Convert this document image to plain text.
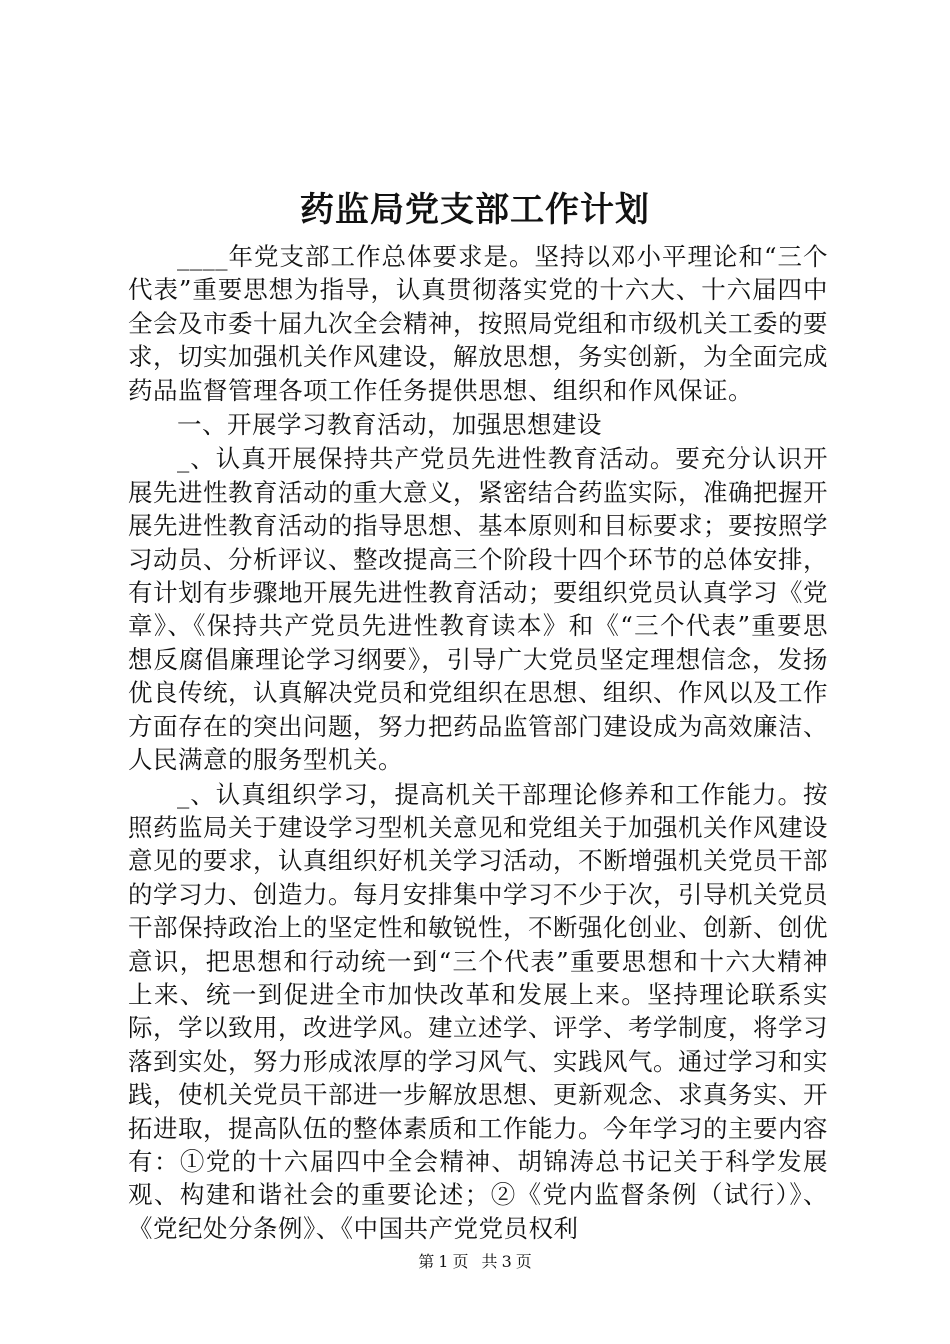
药监局党支部工作计划

____年党支部工作总体要求是。坚持以邓小平理论和“三个代表”重要思想为指导，认真贯彻落实党的十六大、十六届四中全会及市委十届九次全会精神，按照局党组和市级机关工委的要求，切实加强机关作风建设，解放思想，务实创新，为全面完成药品监督管理各项工作任务提供思想、组织和作风保证。

一、开展学习教育活动，加强思想建设

_、认真开展保持共产党员先进性教育活动。要充分认识开展先进性教育活动的重大意义，紧密结合药监实际，准确把握开展先进性教育活动的指导思想、基本原则和目标要求；要按照学习动员、分析评议、整改提高三个阶段十四个环节的总体安排，有计划有步骤地开展先进性教育活动；要组织党员认真学习《党章》、《保持共产党员先进性教育读本》和《“三个代表”重要思想反腐倡廉理论学习纲要》，引导广大党员坚定理想信念，发扬优良传统，认真解决党员和党组织在思想、组织、作风以及工作方面存在的突出问题，努力把药品监管部门建设成为高效廉洁、人民满意的服务型机关。

_、认真组织学习，提高机关干部理论修养和工作能力。按照药监局关于建设学习型机关意见和党组关于加强机关作风建设意见的要求，认真组织好机关学习活动，不断增强机关党员干部的学习力、创造力。每月安排集中学习不少于次，引导机关党员干部保持政治上的坚定性和敏锐性，不断强化创业、创新、创优意识，把思想和行动统一到“三个代表”重要思想和十六大精神上来、统一到促进全市加快改革和发展上来。坚持理论联系实际，学以致用，改进学风。建立述学、评学、考学制度，将学习落到实处，努力形成浓厚的学习风气、实践风气。通过学习和实践，使机关党员干部进一步解放思想、更新观念、求真务实、开拓进取，提高队伍的整体素质和工作能力。今年学习的主要内容有：①党的十六届四中全会精神、胡锦涛总书记关于科学发展观、构建和谐社会的重要论述；②《党内监督条例（试行）》、《党纪处分条例》、《中国共产党党员权利

第 1 页 共 3 页
